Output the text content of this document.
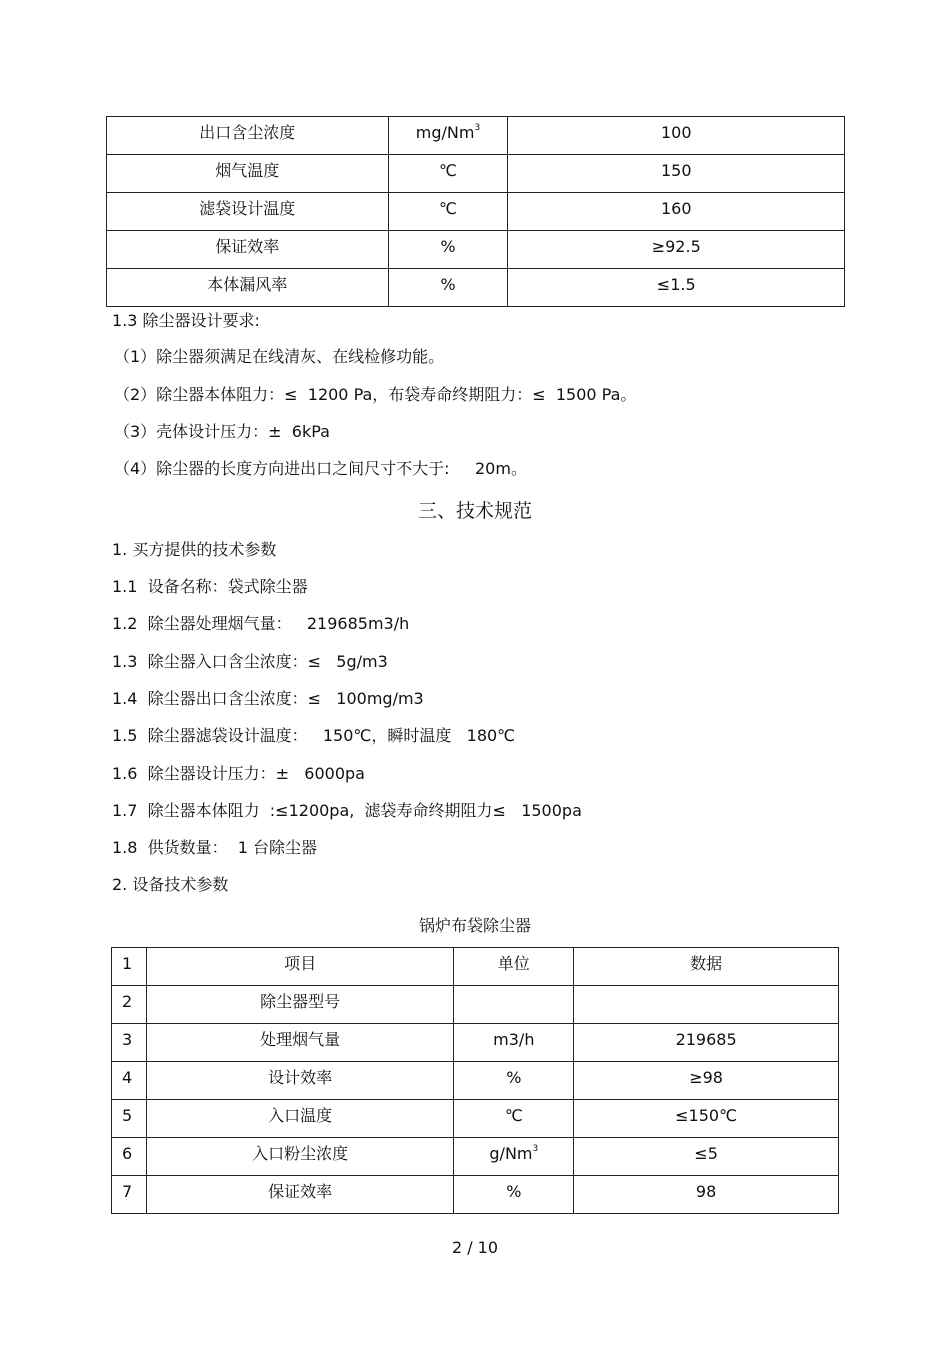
出口含尘浓度	mg/Nm$^3$	100

烟气温度	℃	150

滤袋设计温度	℃	160

保证效率	%	≥92.5

本体漏风率	%	≤1.5
1.3 除尘器设计要求:
（1）除尘器须满足在线清灰、在线检修功能。
（2）除尘器本体阻力：≤  1200 Pa，布袋寿命终期阻力：≤  1500 Pa。
（3）壳体设计压力：±  6kPa
（4）除尘器的长度方向进出口之间尺寸不大于:     20m。
三、技术规范
1. 买方提供的技术参数
1.1  设备名称：袋式除尘器
1.2  除尘器处理烟气量：   219685m3/h
1.3  除尘器入口含尘浓度：≤   5g/m3
1.4  除尘器出口含尘浓度：≤   100mg/m3
1.5  除尘器滤袋设计温度：   150℃，瞬时温度   180℃
1.6  除尘器设计压力：±   6000pa
1.7  除尘器本体阻力  :≤1200pa,  滤袋寿命终期阻力≤   1500pa
1.8  供货数量：  1 台除尘器
2. 设备技术参数
锅炉布袋除尘器
1	项目	单位	数据

2	除尘器型号		

3	处理烟气量	m3/h	219685

4	设计效率	%	≥98

5	入口温度	℃	≤150℃

6	入口粉尘浓度	$g/Nm^3$	≤5

7	保证效率	%	98
2 / 10
